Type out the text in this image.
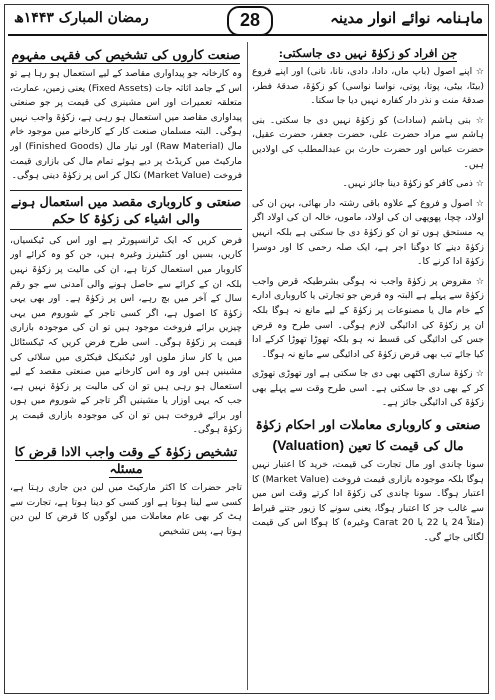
ماہنامہ نوائے انوار مدینہ
28
رمضان المبارک ۱۴۴۳ھ
جن افراد کو زکوٰۃ نہیں دی جاسکتی:

☆ اپنے اصول (باپ ماں، دادا، دادی، نانا، نانی) اور اپنے فروع (بیٹا، بیٹی، پوتا، پوتی، نواسا نواسی) کو زکوٰۃ، صدقۂ فطر، صدقۂ منت و نذر دار کفارہ نہیں دیا جا سکتا۔

☆ بنی ہاشم (سادات) کو زکوٰۃ نہیں دی جا سکتی۔ بنی ہاشم سے مراد حضرت علی، حضرت جعفر، حضرت عقیل، حضرت عباس اور حضرت حارث بن عبدالمطلب کی اولادیں ہیں۔

☆ ذمی کافر کو زکوٰۃ دینا جائز نہیں۔

☆ اصول و فروع کے علاوہ باقی رشتہ دار بھائی، بہن ان کی اولاد، چچا، پھوپھی ان کی اولاد، ماموں، خالہ ان کی اولاد اگر یہ مستحق ہوں تو ان کو زکوٰۃ دی جا سکتی ہے بلکہ انہیں زکوٰۃ دینے کا دوگنا اجر ہے، ایک صلہ رحمی کا اور دوسرا زکوٰۃ ادا کرنے کا۔

☆ مقروض پر زکوٰۃ واجب نہ ہوگی بشرطیکہ قرض واجب زکوٰۃ سے پہلے ہے البتہ وہ قرض جو تجارتی یا کاروباری ادارے کے خام مال یا مصنوعات پر زکوٰۃ کے لیے مانع نہ ہوگا بلکہ ان پر زکوٰۃ کی ادائیگی لازم ہوگی۔ اسی طرح وہ قرض جس کی ادائیگی کی قسط نہ ہو بلکہ تھوڑا تھوڑا کرکے ادا کیا جائے تب بھی قرض زکوٰۃ کی ادائیگی سے مانع نہ ہوگا۔

☆ زکوٰۃ ساری اکٹھی بھی دی جا سکتی ہے اور تھوڑی تھوڑی کر کے بھی دی جا سکتی ہے۔ اسی طرح وقت سے پہلے بھی زکوٰۃ کی ادائیگی جائز ہے۔

صنعتی و کاروباری معاملات اور احکام زکوٰۃ
مال کی قیمت کا تعین (Valuation)

سونا چاندی اور مال تجارت کی قیمت، خرید کا اعتبار نہیں ہوگا بلکہ موجودہ بازاری قیمت فروخت (Market Value) کا اعتبار ہوگا۔ سونا چاندی کی زکوٰۃ ادا کرتے وقت اس میں سے غالب جز کا اعتبار ہوگا، یعنی سونے کا زیور جتنے قیراط (مثلاً 24 یا 22 یا 20 Carat وغیرہ) کا ہوگا اس کی قیمت لگائی جائے گی۔

صنعت کاروں کی تشخیص کی فقہی مفہوم

وہ کارخانہ جو پیداواری مقاصد کے لیے استعمال ہو رہا ہے تو اس کے جامد اثاثہ جات (Fixed Assets) یعنی زمین، عمارت، متعلقہ تعمیرات اور اس مشینری کی قیمت پر جو صنعتی پیداواری مقاصد میں استعمال ہو رہی ہے، زکوٰۃ واجب نہیں ہوگی۔ البتہ مسلمان صنعت کار کے کارخانے میں موجود خام مال (Raw Material) اور تیار مال (Finished Goods) اور مارکیٹ میں کریڈٹ پر دیے ہوئے تمام مال کی بازاری قیمت فروخت (Market Value) نکال کر اس پر زکوٰۃ دینی ہوگی۔

صنعتی و کاروباری مقصد میں استعمال ہونے والی اشیاء کی زکوٰۃ کا حکم

فرض کریں کہ ایک ٹرانسپورٹر ہے اور اس کی ٹیکسیاں، کاریں، بسیں اور کنٹینرز وغیرہ ہیں، جن کو وہ کرائے اور کاروبار میں استعمال کرتا ہے، ان کی مالیت پر زکوٰۃ نہیں بلکہ ان کے کرائے سے حاصل ہونے والی آمدنی سے جو رقم سال کے آخر میں بچ رہے، اس پر زکوٰۃ ہے۔ اور بھی یہی زکوٰۃ کا اصول ہے، اگر کسی تاجر کے شوروم میں یہی چیزیں برائے فروخت موجود ہیں تو ان کی موجودہ بازاری قیمت پر زکوٰۃ ہوگی۔ اسی طرح فرض کریں کہ ٹیکسٹائل میں یا کار ساز ملوں اور ٹیکنیکل فیکٹری میں سلائی کی مشینیں ہیں اور وہ اس کارخانے میں صنعتی مقصد کے لیے استعمال ہو رہی ہیں تو ان کی مالیت پر زکوٰۃ نہیں ہے، جب کہ یہی اوزار یا مشینیں اگر تاجر کے شوروم میں ہوں اور برائے فروخت ہیں تو ان کی موجودہ بازاری قیمت پر زکوٰۃ ہوگی۔

تشخیص زکوٰۃ کے وقت واجب الادا قرض کا مسئلہ

تاجر حضرات کا اکثر مارکیٹ میں لین دین جاری رہتا ہے، کسی سے لینا ہوتا ہے اور کسی کو دینا ہوتا ہے، تجارت سے ہٹ کر بھی عام معاملات میں لوگوں کا قرض کا لین دین ہوتا ہے، پس تشخیص
